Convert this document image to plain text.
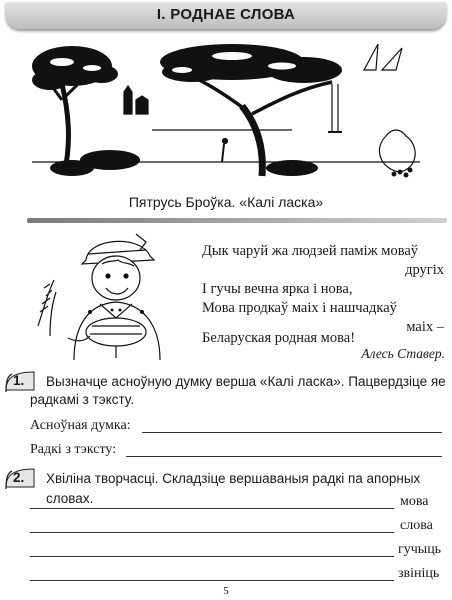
І. РОДНАЕ СЛОВА
Пятрусь Броўка. «Калі ласка»
Дык чаруй жа людзей паміж моваў
другіх
І гучы вечна ярка і нова,
Мова продкаў маіх і нашчадкаў
маіх –
Беларуская родная мова!
Алесь Ставер.
1. Вызначце асноўную думку верша «Калі ласка». Пацвердзіце яе
радкамі з тэксту.
Асноўная думка:
Радкі з тэксту:
2. Хвіліна творчасці. Складзіце вершаваныя радкі па апорных словах.	мова
слова
гучыць
звініць
5
